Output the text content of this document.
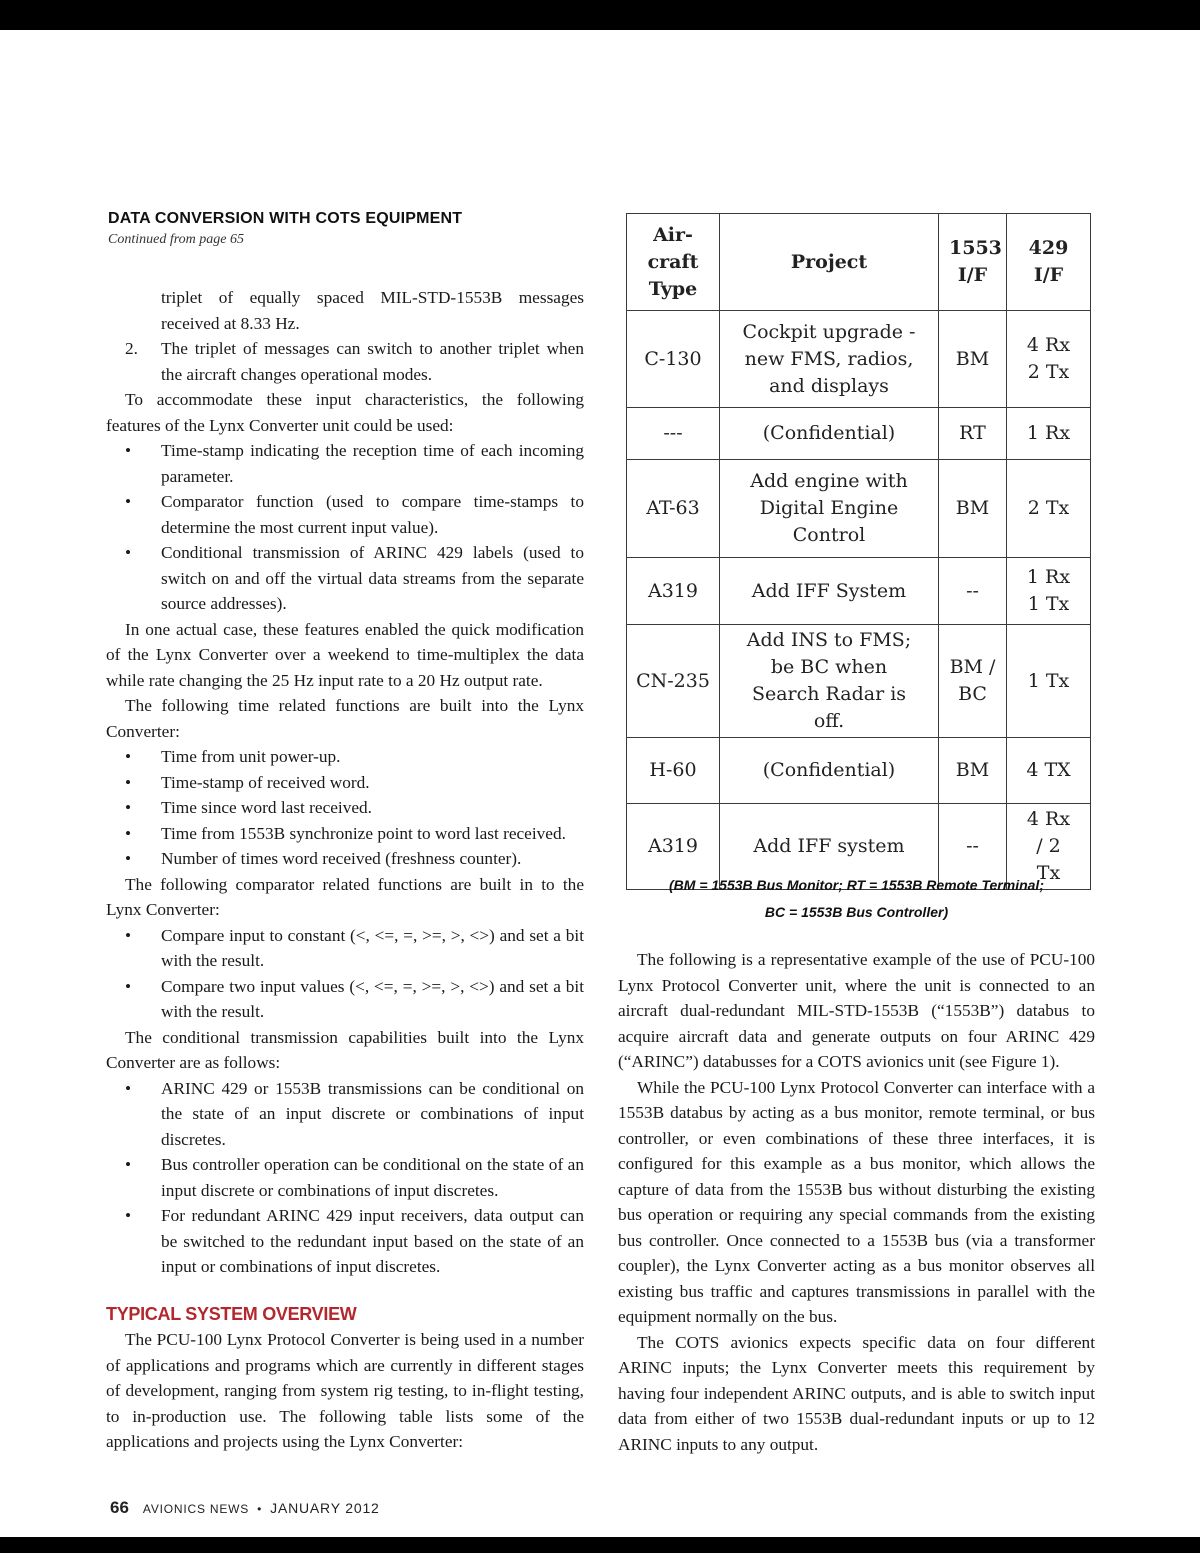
DATA CONVERSION WITH COTS EQUIPMENT
Continued from page 65
triplet of equally spaced MIL-STD-1553B messages received at 8.33 Hz.
2. The triplet of messages can switch to another triplet when the aircraft changes operational modes.

To accommodate these input characteristics, the following features of the Lynx Converter unit could be used:

• Time-stamp indicating the reception time of each incoming parameter.
• Comparator function (used to compare time-stamps to determine the most current input value).
• Conditional transmission of ARINC 429 labels (used to switch on and off the virtual data streams from the separate source addresses).

In one actual case, these features enabled the quick modification of the Lynx Converter over a weekend to time-multiplex the data while rate changing the 25 Hz input rate to a 20 Hz output rate.

The following time related functions are built into the Lynx Converter:

• Time from unit power-up.
• Time-stamp of received word.
• Time since word last received.
• Time from 1553B synchronize point to word last received.
• Number of times word received (freshness counter).

The following comparator related functions are built in to the Lynx Converter:

• Compare input to constant (<, <=, =, >=, >, <>) and set a bit with the result.
• Compare two input values (<, <=, =, >=, >, <>) and set a bit with the result.

The conditional transmission capabilities built into the Lynx Converter are as follows:

• ARINC 429 or 1553B transmissions can be conditional on the state of an input discrete or combinations of input discretes.
• Bus controller operation can be conditional on the state of an input discrete or combinations of input discretes.
• For redundant ARINC 429 input receivers, data output can be switched to the redundant input based on the state of an input or combinations of input discretes.
TYPICAL SYSTEM OVERVIEW

The PCU-100 Lynx Protocol Converter is being used in a number of applications and programs which are currently in different stages of development, ranging from system rig testing, to in-flight testing, to in-production use. The following table lists some of the applications and projects using the Lynx Converter:

Air-craft Type	Project	1553 I/F	429 I/F
C-130	Cockpit upgrade - new FMS, radios, and displays	BM	4 Rx 2 Tx
---	(Confidential)	RT	1 Rx
AT-63	Add engine with Digital Engine Control	BM	2 Tx
A319	Add IFF System	--	1 Rx 1 Tx
CN-235	Add INS to FMS; be BC when Search Radar is off.	BM / BC	1 Tx
H-60	(Confidential)	BM	4 TX
A319	Add IFF system	--	4 Rx / 2 Tx
(BM = 1553B Bus Monitor; RT = 1553B Remote Terminal;
BC = 1553B Bus Controller)

The following is a representative example of the use of PCU-100 Lynx Protocol Converter unit, where the unit is connected to an aircraft dual-redundant MIL-STD-1553B (“1553B”) databus to acquire aircraft data and generate outputs on four ARINC 429 (“ARINC”) databusses for a COTS avionics unit (see Figure 1).

While the PCU-100 Lynx Protocol Converter can interface with a 1553B databus by acting as a bus monitor, remote terminal, or bus controller, or even combinations of these three interfaces, it is configured for this example as a bus monitor, which allows the capture of data from the 1553B bus without disturbing the existing bus operation or requiring any special commands from the existing bus controller. Once connected to a 1553B bus (via a transformer coupler), the Lynx Converter acting as a bus monitor observes all existing bus traffic and captures transmissions in parallel with the equipment normally on the bus.

The COTS avionics expects specific data on four different ARINC inputs; the Lynx Converter meets this requirement by having four independent ARINC outputs, and is able to switch input data from either of two 1553B dual-redundant inputs or up to 12 ARINC inputs to any output.

66 AVIONICS NEWS • JANUARY 2012
